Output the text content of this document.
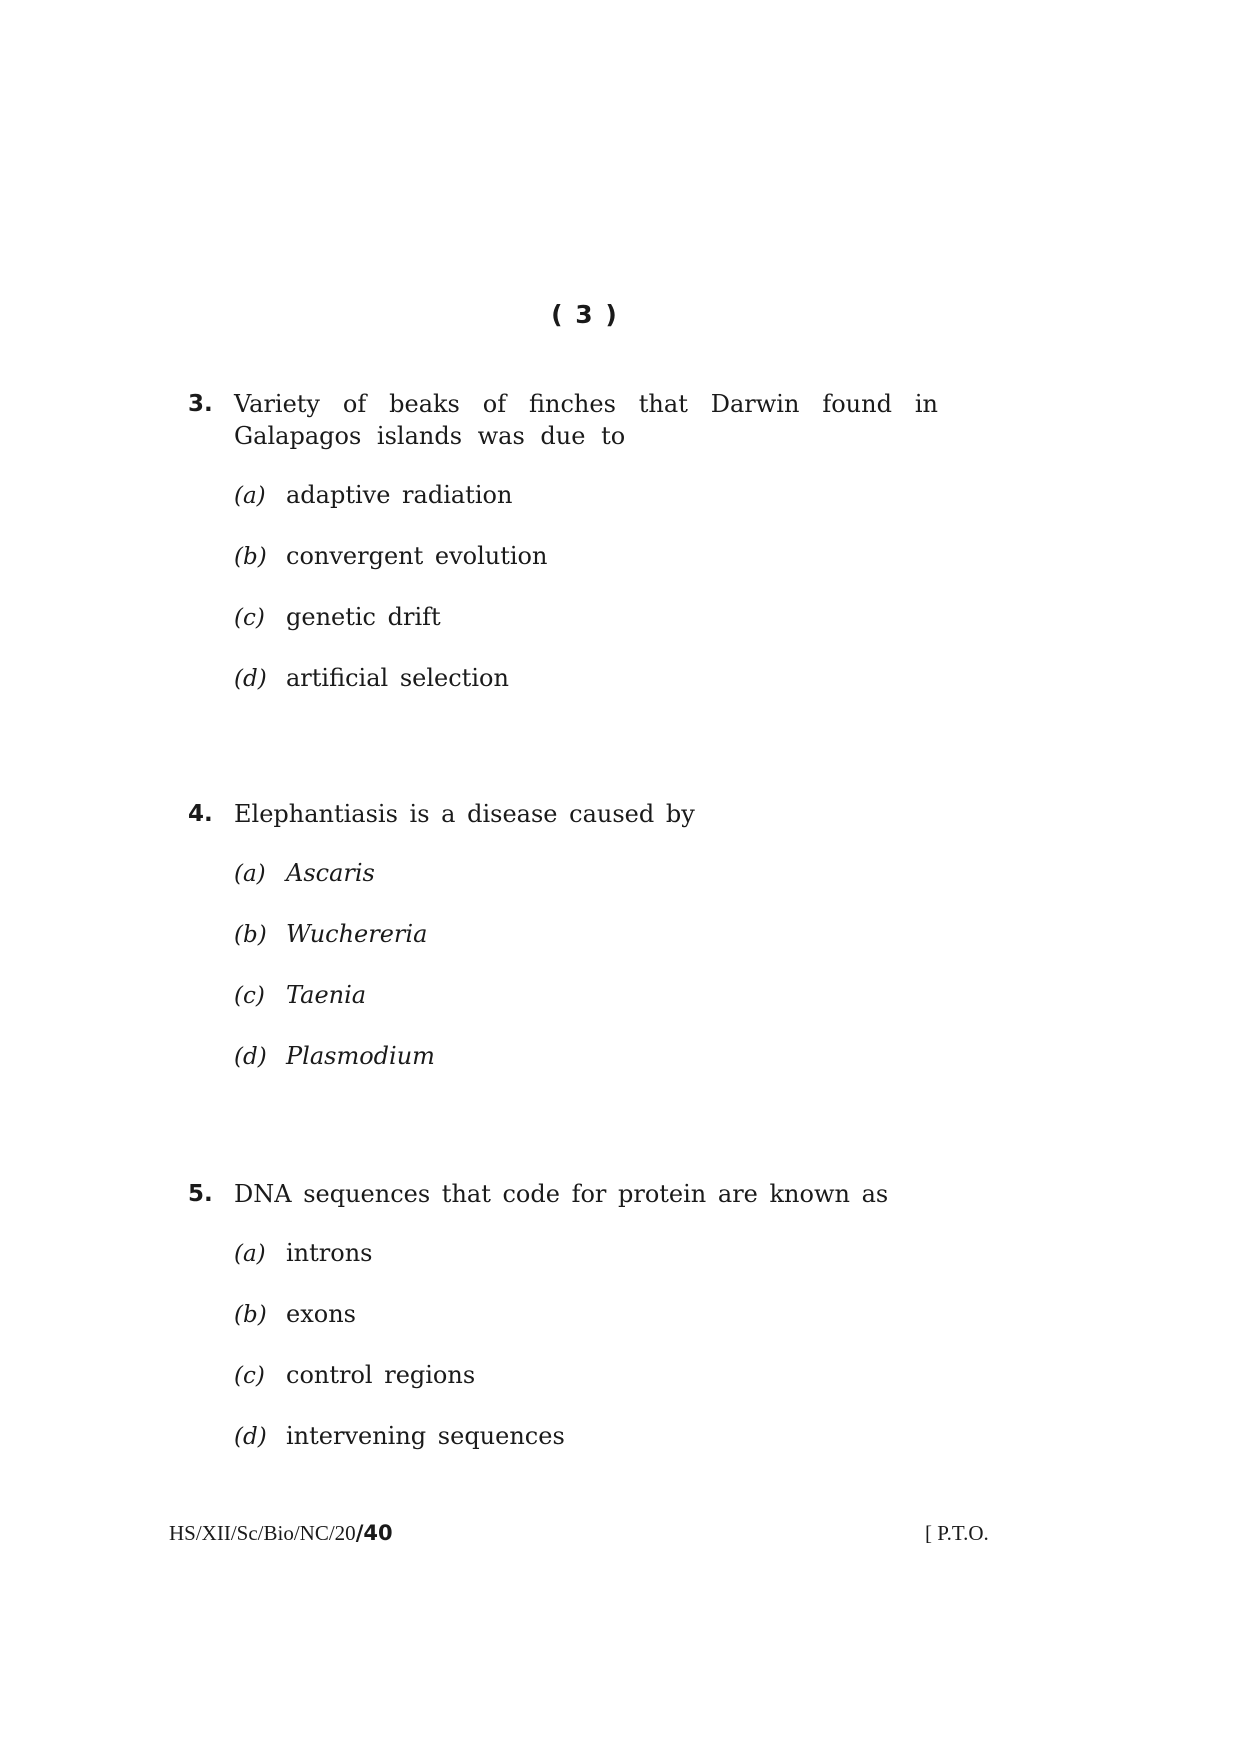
( 3 )
3. Variety of beaks of finches that Darwin found in Galapagos islands was due to
(a) adaptive radiation
(b) convergent evolution
(c) genetic drift
(d) artificial selection
4. Elephantiasis is a disease caused by
(a) Ascaris
(b) Wuchereria
(c) Taenia
(d) Plasmodium
5. DNA sequences that code for protein are known as
(a) introns
(b) exons
(c) control regions
(d) intervening sequences
HS/XII/Sc/Bio/NC/20/40	[ P.T.O.
